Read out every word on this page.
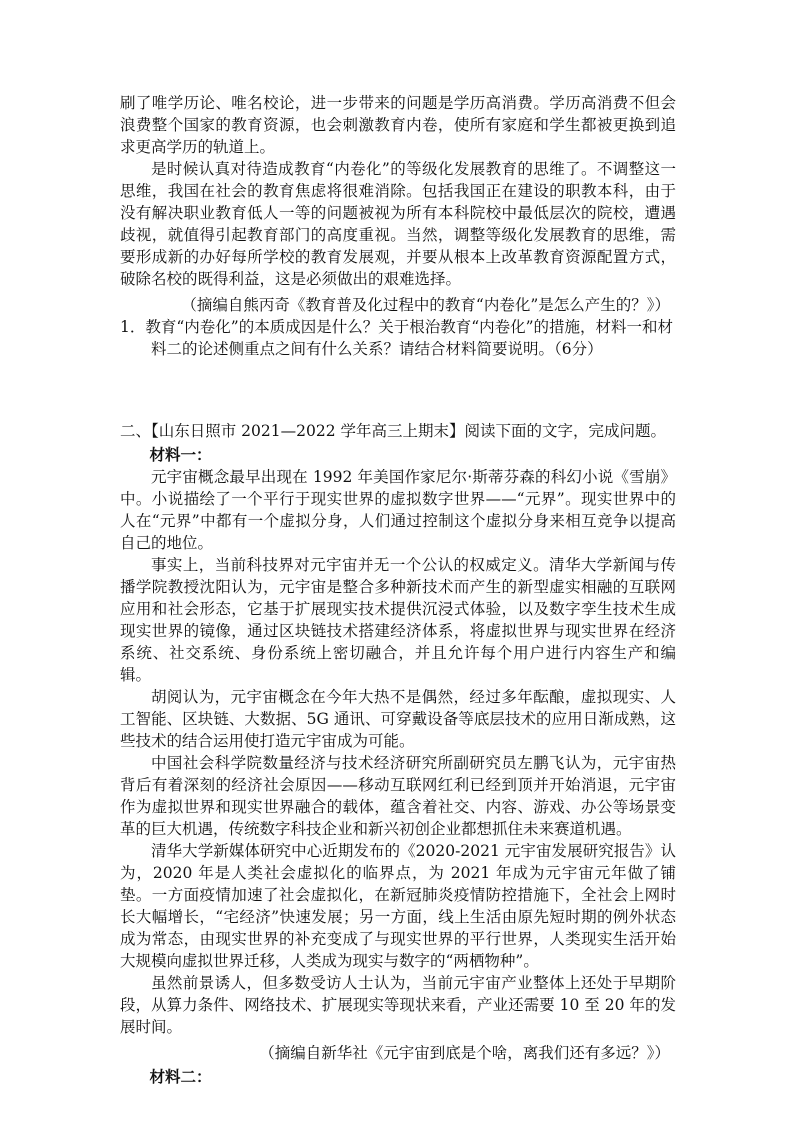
刷了唯学历论、唯名校论，进一步带来的问题是学历高消费。学历高消费不但会浪费整个国家的教育资源，也会刺激教育内卷，使所有家庭和学生都被更换到追求更高学历的轨道上。

是时候认真对待造成教育“内卷化”的等级化发展教育的思维了。不调整这一思维，我国在社会的教育焦虑将很难消除。包括我国正在建设的职教本科，由于没有解决职业教育低人一等的问题被视为所有本科院校中最低层次的院校，遭遇歧视，就值得引起教育部门的高度重视。当然，调整等级化发展教育的思维，需要形成新的办好每所学校的教育发展观，并要从根本上改革教育资源配置方式，破除名校的既得利益，这是必须做出的艰难选择。

（摘编自熊丙奇《教育普及化过程中的教育“内卷化”是怎么产生的？》）

1．教育“内卷化”的本质成因是什么？关于根治教育“内卷化”的措施，材料一和材料二的论述侧重点之间有什么关系？请结合材料简要说明。（6分）

二、【山东日照市 2021—2022 学年高三上期末】阅读下面的文字，完成问题。

材料一：

元宇宙概念最早出现在 1992 年美国作家尼尔·斯蒂芬森的科幻小说《雪崩》中。小说描绘了一个平行于现实世界的虚拟数字世界——“元界”。现实世界中的人在“元界”中都有一个虚拟分身，人们通过控制这个虚拟分身来相互竞争以提高自己的地位。

事实上，当前科技界对元宇宙并无一个公认的权威定义。清华大学新闻与传播学院教授沈阳认为，元宇宙是整合多种新技术而产生的新型虚实相融的互联网应用和社会形态，它基于扩展现实技术提供沉浸式体验，以及数字孪生技术生成现实世界的镜像，通过区块链技术搭建经济体系，将虚拟世界与现实世界在经济系统、社交系统、身份系统上密切融合，并且允许每个用户进行内容生产和编辑。

胡阅认为，元宇宙概念在今年大热不是偶然，经过多年酝酿，虚拟现实、人工智能、区块链、大数据、5G 通讯、可穿戴设备等底层技术的应用日渐成熟，这些技术的结合运用使打造元宇宙成为可能。

中国社会科学院数量经济与技术经济研究所副研究员左鹏飞认为，元宇宙热背后有着深刻的经济社会原因——移动互联网红利已经到顶并开始消退，元宇宙作为虚拟世界和现实世界融合的载体，蕴含着社交、内容、游戏、办公等场景变革的巨大机遇，传统数字科技企业和新兴初创企业都想抓住未来赛道机遇。

清华大学新媒体研究中心近期发布的《2020-2021 元宇宙发展研究报告》认为，2020 年是人类社会虚拟化的临界点，为 2021 年成为元宇宙元年做了铺垫。一方面疫情加速了社会虚拟化，在新冠肺炎疫情防控措施下，全社会上网时长大幅增长，“宅经济”快速发展；另一方面，线上生活由原先短时期的例外状态成为常态，由现实世界的补充变成了与现实世界的平行世界，人类现实生活开始大规模向虚拟世界迁移，人类成为现实与数字的“两栖物种”。

虽然前景诱人，但多数受访人士认为，当前元宇宙产业整体上还处于早期阶段，从算力条件、网络技术、扩展现实等现状来看，产业还需要 10 至 20 年的发展时间。

（摘编自新华社《元宇宙到底是个啥，离我们还有多远？》）

材料二：
